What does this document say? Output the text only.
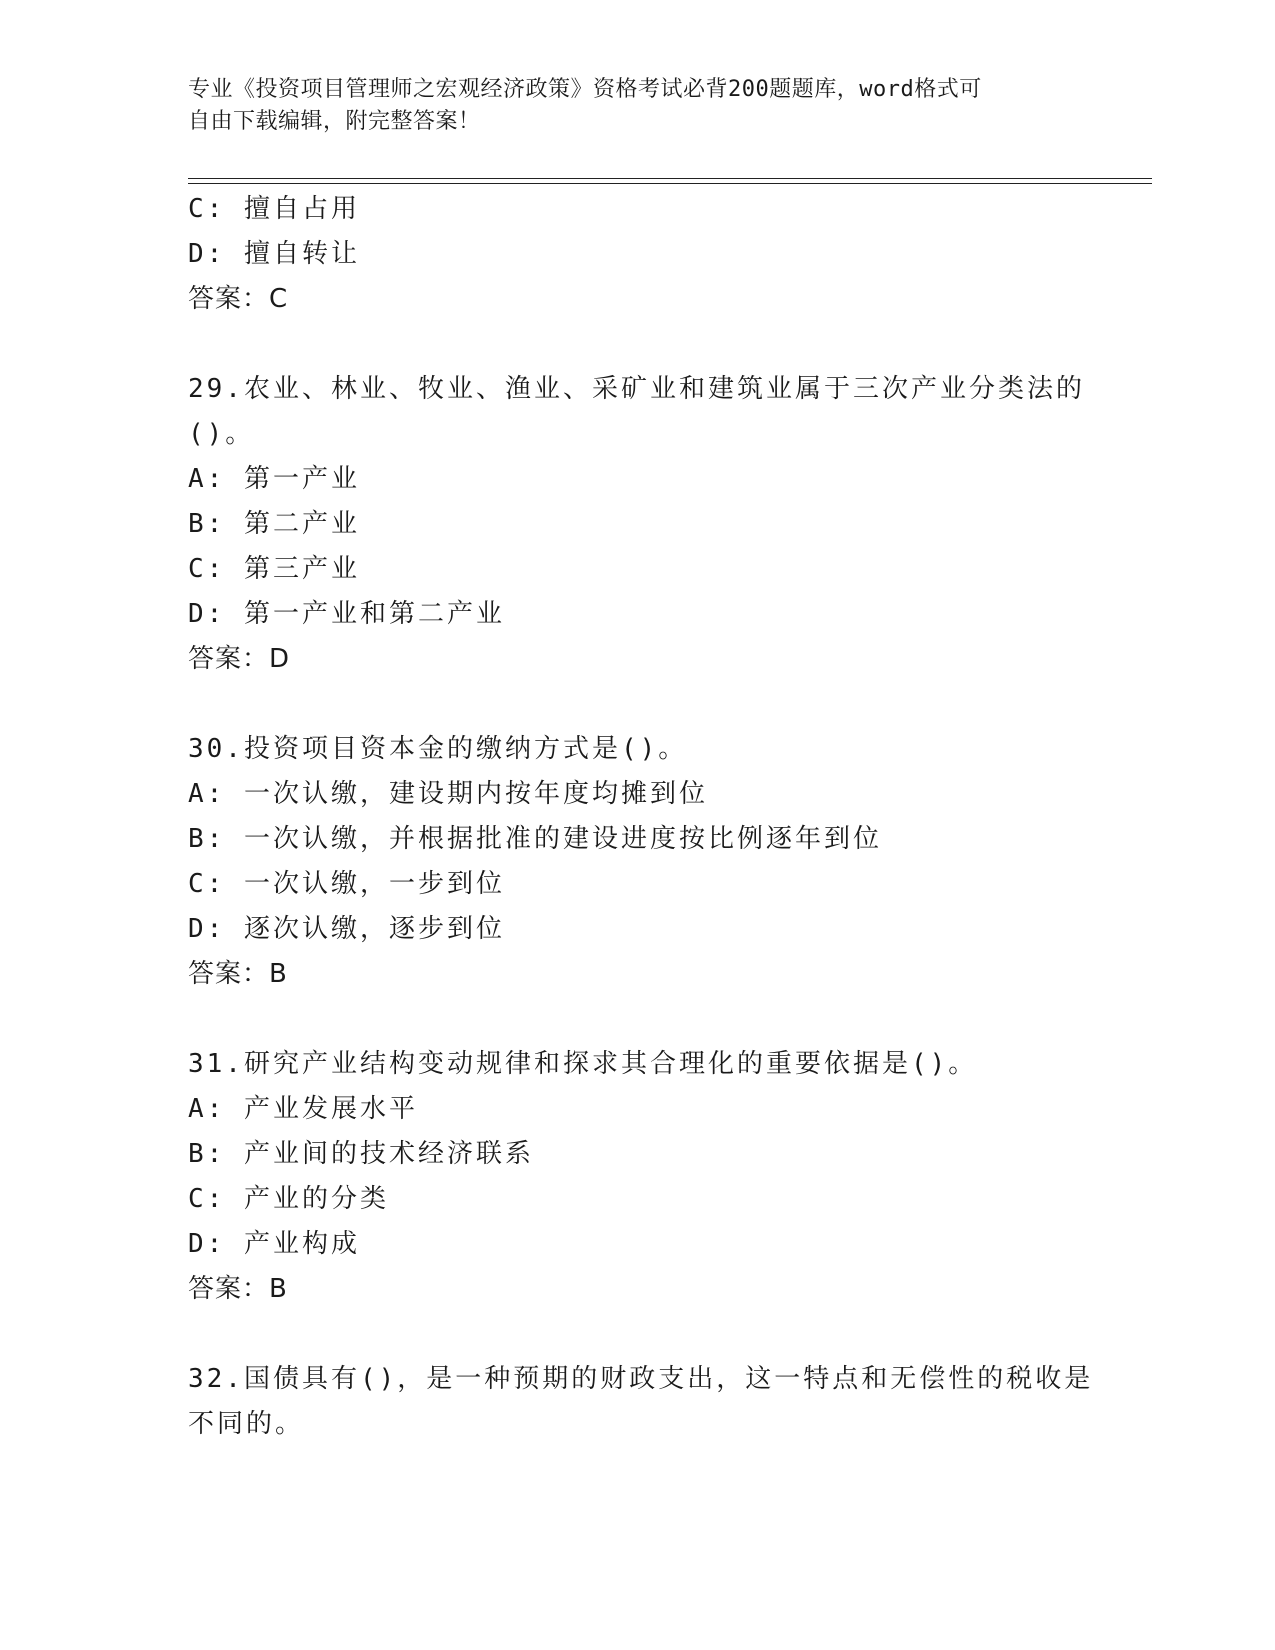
专业《投资项目管理师之宏观经济政策》资格考试必背200题题库，word格式可
自由下载编辑，附完整答案！
C: 擅自占用
D: 擅自转让
答案：C
29.农业、林业、牧业、渔业、采矿业和建筑业属于三次产业分类法的
()。
A: 第一产业
B: 第二产业
C: 第三产业
D: 第一产业和第二产业
答案：D
30.投资项目资本金的缴纳方式是()。
A: 一次认缴，建设期内按年度均摊到位
B: 一次认缴，并根据批准的建设进度按比例逐年到位
C: 一次认缴，一步到位
D: 逐次认缴，逐步到位
答案：B
31.研究产业结构变动规律和探求其合理化的重要依据是()。
A: 产业发展水平
B: 产业间的技术经济联系
C: 产业的分类
D: 产业构成
答案：B
32.国债具有()，是一种预期的财政支出，这一特点和无偿性的税收是
不同的。
